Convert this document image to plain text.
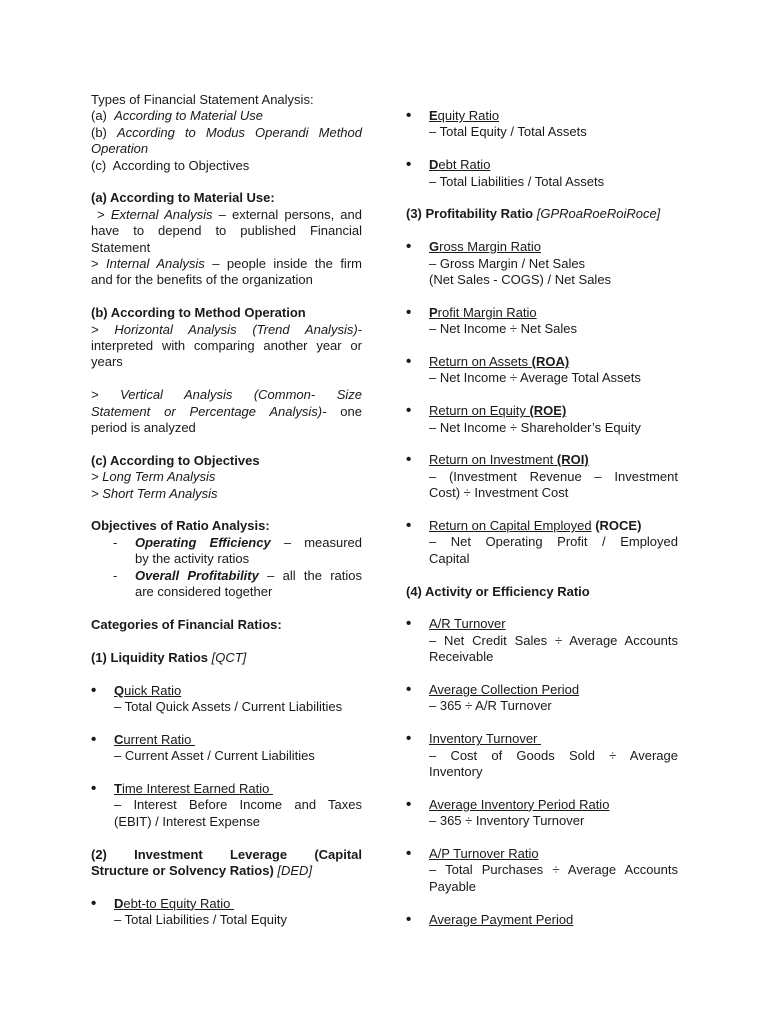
Types of Financial Statement Analysis:

(a)  According to Material Use

(b) According to Modus Operandi Method

Operation

(c)  According to Objectives

(a) According to Material Use:

> External Analysis – external persons, and

have to depend to published Financial

Statement

> Internal Analysis – people inside the firm

and for the benefits of the organization

(b) According to Method Operation

> Horizontal Analysis (Trend Analysis)-

interpreted with comparing another year or

years

> Vertical Analysis (Common- Size

Statement or Percentage Analysis)- one

period is analyzed

(c) According to Objectives

> Long Term Analysis

> Short Term Analysis

Objectives of Ratio Analysis:

- Operating Efficiency – measured

by the activity ratios

- Overall Profitability – all the ratios

are considered together

Categories of Financial Ratios:

(1) Liquidity Ratios [QCT]

• Quick Ratio

– Total Quick Assets / Current Liabilities

• Current Ratio

– Current Asset / Current Liabilities

• Time Interest Earned Ratio

– Interest Before Income and Taxes

(EBIT) / Interest Expense

(2) Investment Leverage (Capital

Structure or Solvency Ratios) [DED]

• Debt-to Equity Ratio

– Total Liabilities / Total Equity

• Equity Ratio

– Total Equity / Total Assets

• Debt Ratio

– Total Liabilities / Total Assets

(3) Profitability Ratio [GPRoaRoeRoiRoce]

• Gross Margin Ratio

– Gross Margin / Net Sales

(Net Sales - COGS) / Net Sales

• Profit Margin Ratio

– Net Income ÷ Net Sales

• Return on Assets (ROA)

– Net Income ÷ Average Total Assets

• Return on Equity (ROE)

– Net Income ÷ Shareholder’s Equity

• Return on Investment (ROI)

– (Investment Revenue – Investment

Cost) ÷ Investment Cost

• Return on Capital Employed (ROCE)

– Net Operating Profit / Employed

Capital

(4) Activity or Efficiency Ratio

• A/R Turnover

– Net Credit Sales ÷ Average Accounts

Receivable

• Average Collection Period

– 365 ÷ A/R Turnover

• Inventory Turnover

– Cost of Goods Sold ÷ Average

Inventory

• Average Inventory Period Ratio

– 365 ÷ Inventory Turnover

• A/P Turnover Ratio

– Total Purchases ÷ Average Accounts

Payable

• Average Payment Period
